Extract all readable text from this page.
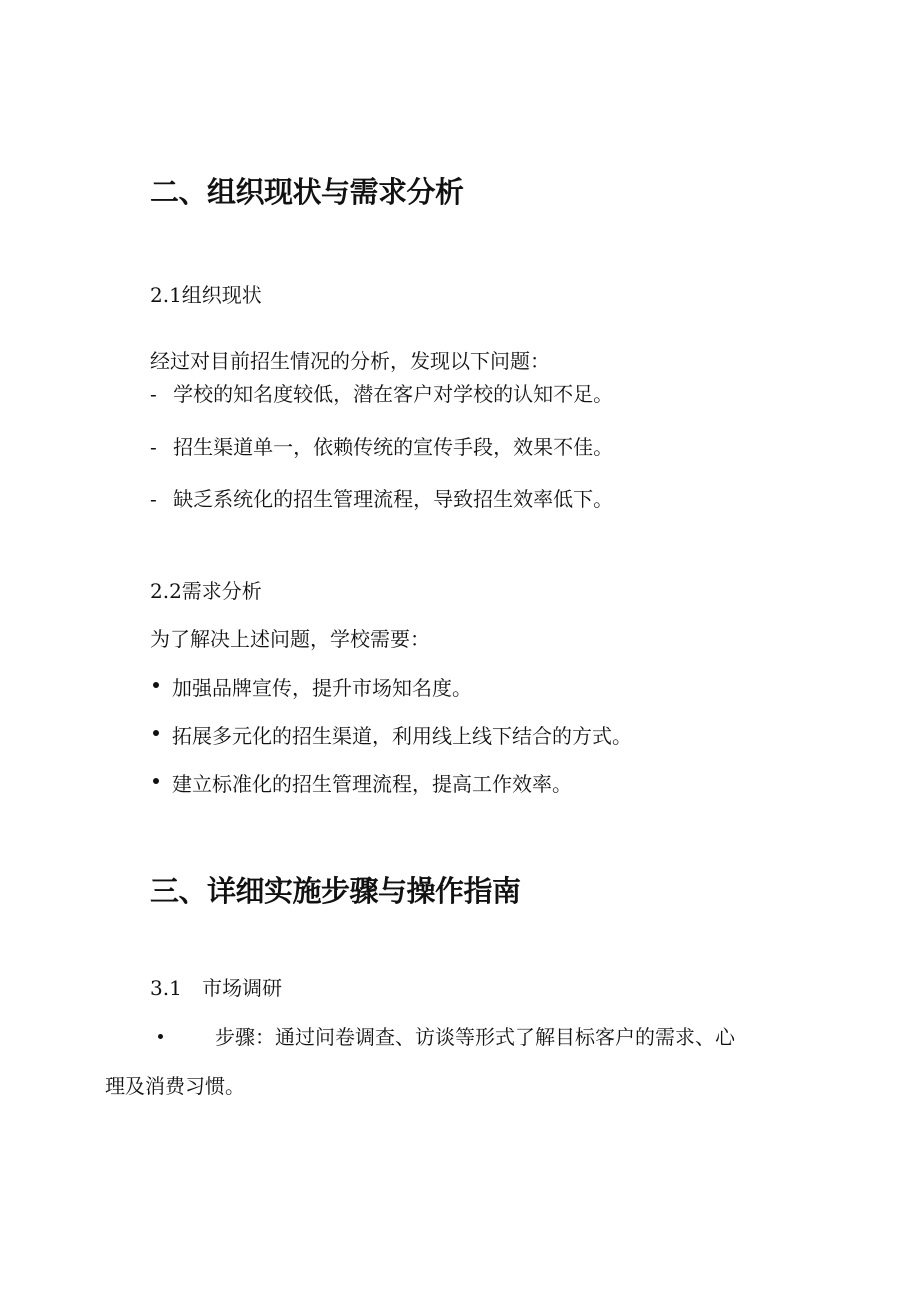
二、组织现状与需求分析
2.1组织现状
经过对目前招生情况的分析，发现以下问题：
- 学校的知名度较低，潜在客户对学校的认知不足。
- 招生渠道单一，依赖传统的宣传手段，效果不佳。
- 缺乏系统化的招生管理流程，导致招生效率低下。
2.2需求分析
为了解决上述问题，学校需要：
加强品牌宣传，提升市场知名度。
拓展多元化的招生渠道，利用线上线下结合的方式。
建立标准化的招生管理流程，提高工作效率。
三、详细实施步骤与操作指南
3.1 市场调研
步骤：通过问卷调查、访谈等形式了解目标客户的需求、心
理及消费习惯。
